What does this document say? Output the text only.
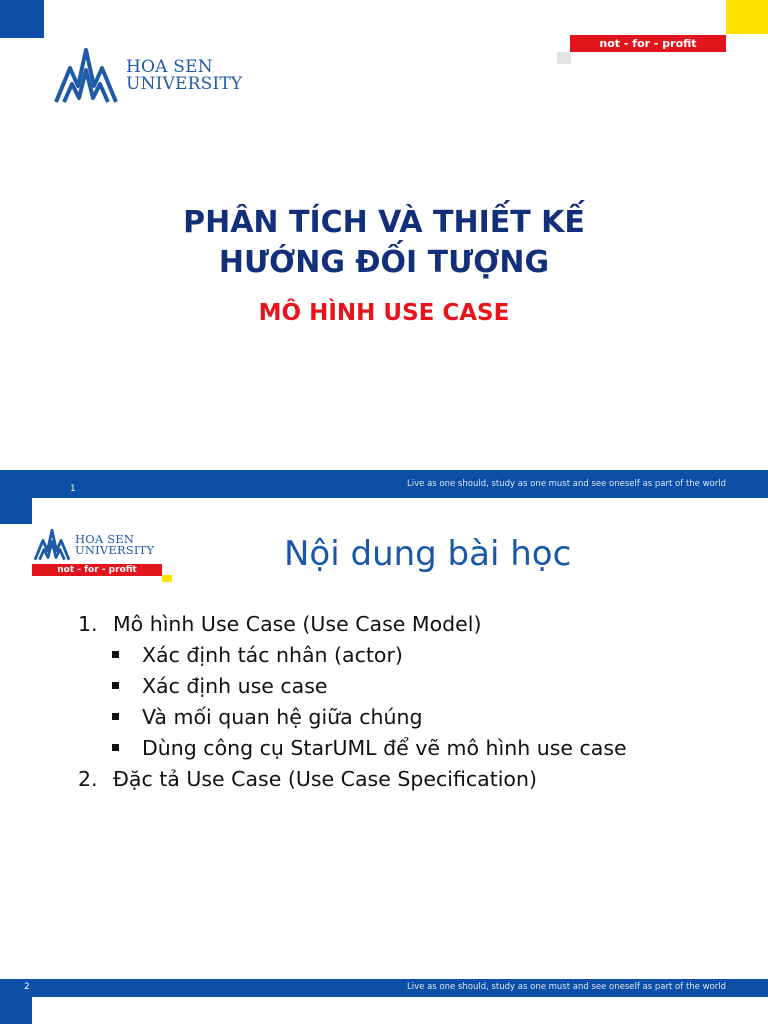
not - for - profit
HOA SEN
UNIVERSITY
PHÂN TÍCH VÀ THIẾT KẾ
HƯỚNG ĐỐI TƯỢNG
MÔ HÌNH USE CASE
1	Live as one should, study as one must and see oneself as part of the world
HOA SEN
UNIVERSITY
not - for - profit	Nội dung bài học
1. Mô hình Use Case (Use Case Model)
Xác định tác nhân (actor)
Xác định use case
Và mối quan hệ giữa chúng
Dùng công cụ StarUML để vẽ mô hình use case
2. Đặc tả Use Case (Use Case Specification)
2	Live as one should, study as one must and see oneself as part of the world
